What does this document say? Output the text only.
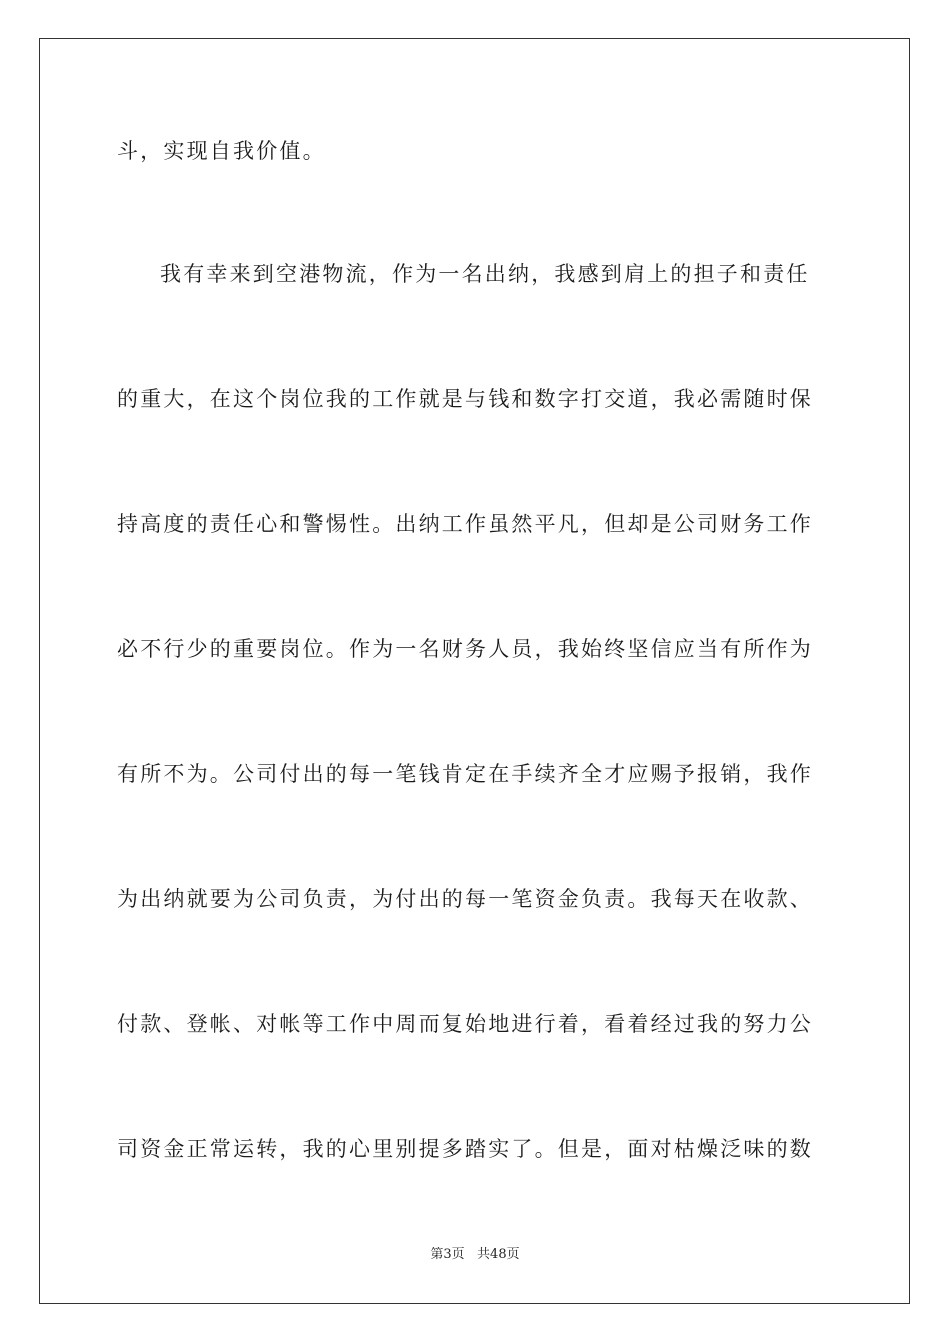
斗，实现自我价值。
我有幸来到空港物流，作为一名出纳，我感到肩上的担子和责任
的重大，在这个岗位我的工作就是与钱和数字打交道，我必需随时保
持高度的责任心和警惕性。出纳工作虽然平凡，但却是公司财务工作
必不行少的重要岗位。作为一名财务人员，我始终坚信应当有所作为
有所不为。公司付出的每一笔钱肯定在手续齐全才应赐予报销，我作
为出纳就要为公司负责，为付出的每一笔资金负责。我每天在收款、
付款、登帐、对帐等工作中周而复始地进行着，看着经过我的努力公
司资金正常运转，我的心里别提多踏实了。但是，面对枯燥泛味的数
第3页   共48页
